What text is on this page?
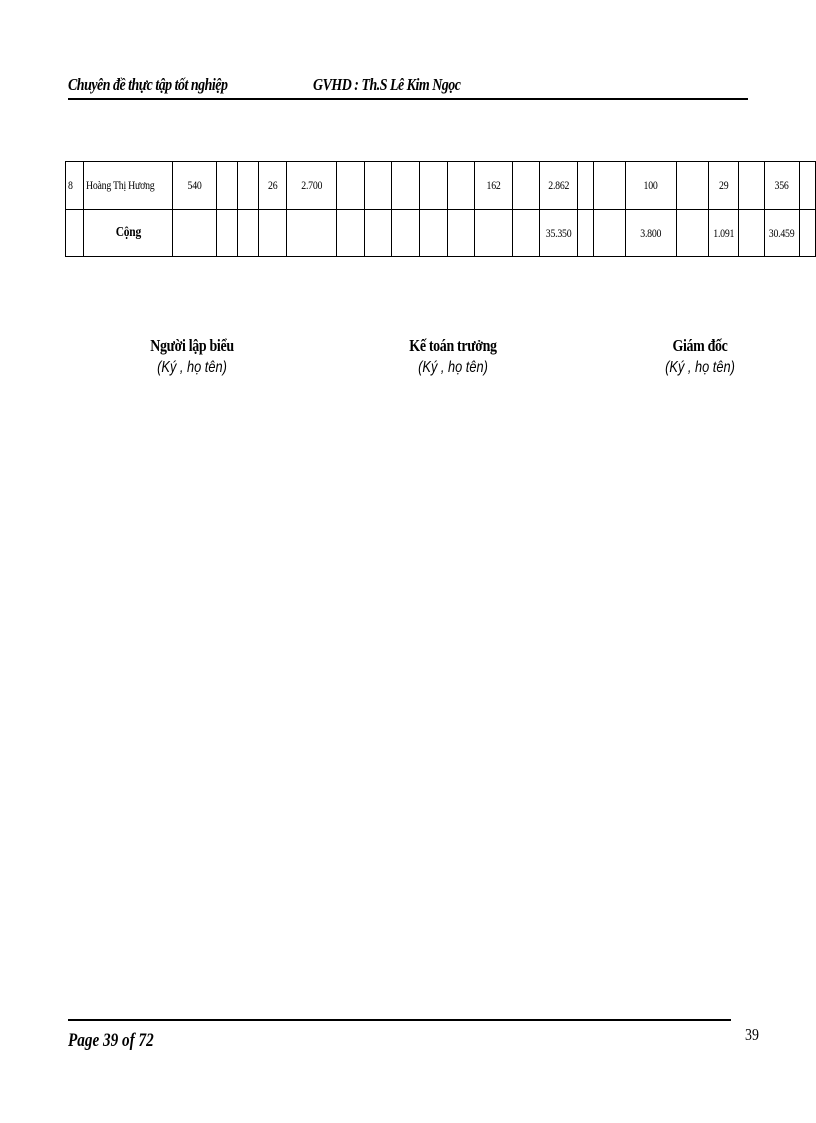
Chuyên đề thực tập tốt nghiệp	GVHD : Th.S Lê Kim Ngọc
8	Hoàng Thị Hương	540			26	2.700						162		2.862			100		29		356	
	Cộng													35.350			3.800		1.091		30.459	
Người lập biểu
(Ký , họ tên)
Kế toán trưởng
(Ký , họ tên)
Giám đốc
(Ký , họ tên)
Page 39 of 72	39
